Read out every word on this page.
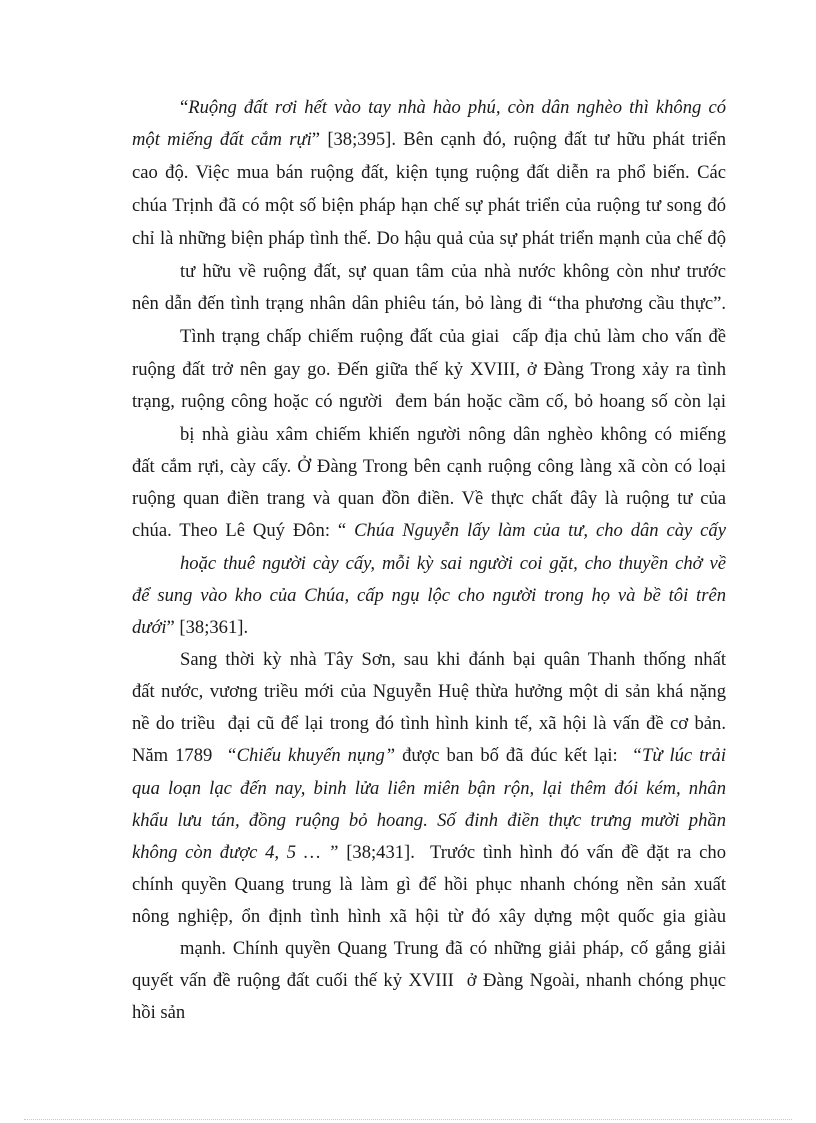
“Ruộng đất rơi hết vào tay nhà hào phú, còn dân nghèo thì không có
một miếng đất cắm rựi” [38;395]. Bên cạnh đó, ruộng đất tư hữu phát triển
cao độ. Việc mua bán ruộng đất, kiện tụng ruộng đất diễn ra phổ biến. Các
chúa Trịnh đã có một số biện pháp hạn chế sự phát triển của ruộng tư song đó
chỉ là những biện pháp tình thế. Do hậu quả của sự phát triển mạnh của chế độ
tư hữu về ruộng đất, sự quan tâm của nhà nước không còn như trước
nên dẫn đến tình trạng nhân dân phiêu tán, bỏ làng đi “tha phương cầu thực”.
Tình trạng chấp chiếm ruộng đất của giai  cấp địa chủ làm cho vấn đề
ruộng đất trở nên gay go. Đến giữa thế kỷ XVIII, ở Đàng Trong xảy ra tình
trạng, ruộng công hoặc có người  đem bán hoặc cầm cố, bỏ hoang số còn lại
bị nhà giàu xâm chiếm khiến người nông dân nghèo không có miếng
đất cắm rựi, cày cấy. Ở Đàng Trong bên cạnh ruộng công làng xã còn có loại
ruộng quan điền trang và quan đồn điền. Về thực chất đây là ruộng tư của
chúa. Theo Lê Quý Đôn: “ Chúa Nguyễn lấy làm của tư, cho dân cày cấy
hoặc thuê người cày cấy, mỗi kỳ sai người coi gặt, cho thuyền chở về
để sung vào kho của Chúa, cấp ngụ lộc cho người trong họ và bề tôi trên
dưới” [38;361].
Sang thời kỳ nhà Tây Sơn, sau khi đánh bại quân Thanh thống nhất
đất nước, vương triều mới của Nguyễn Huệ thừa hưởng một di sản khá nặng
nề do triều  đại cũ để lại trong đó tình hình kinh tế, xã hội là vấn đề cơ bản.
Năm 1789  “Chiếu khuyến nụng” được ban bố đã đúc kết lại:  “Từ lúc trải
qua loạn lạc đến nay, binh lửa liên miên bận rộn, lại thêm đói kém, nhân
khẩu lưu tán, đồng ruộng bỏ hoang. Số đinh điền thực trưng mười phần
không còn được 4, 5 … ” [38;431].  Trước tình hình đó vấn đề đặt ra cho
chính quyền Quang trung là làm gì để hồi phục nhanh chóng nền sản xuất
nông nghiệp, ổn định tình hình xã hội từ đó xây dựng một quốc gia giàu
mạnh. Chính quyền Quang Trung đã có những giải pháp, cố gắng giải
quyết vấn đề ruộng đất cuối thế kỷ XVIII  ở Đàng Ngoài, nhanh chóng phục
hồi sản
